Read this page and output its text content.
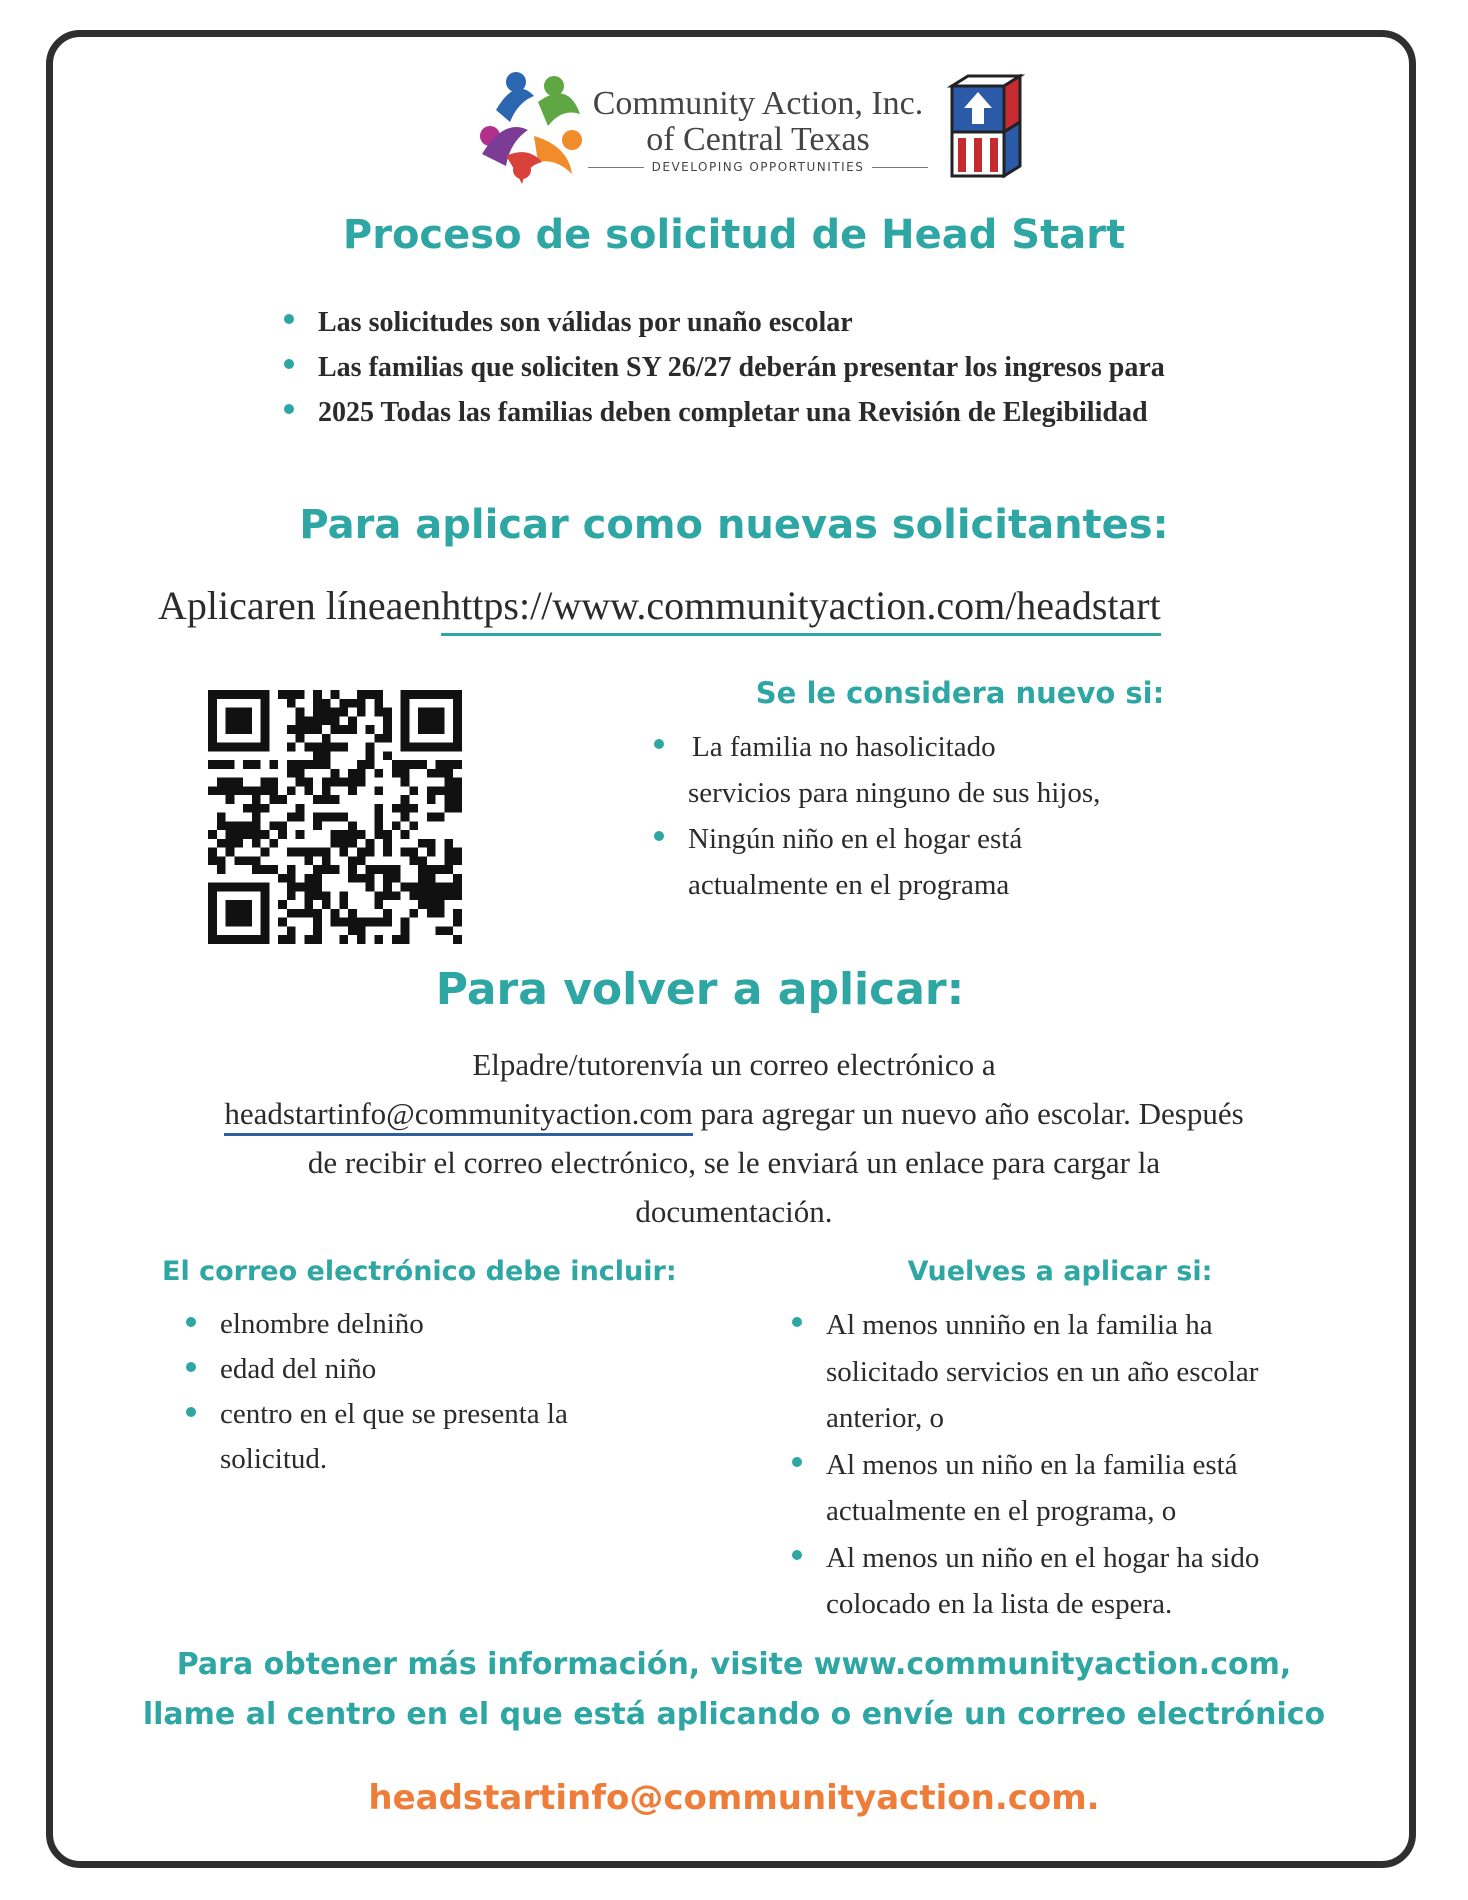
Community Action, Inc.
of Central Texas
DEVELOPING OPPORTUNITIES
Proceso de solicitud de Head Start
Las solicitudes son válidas por unaño escolar
Las familias que soliciten SY 26/27 deberán presentar los ingresos para
2025 Todas las familias deben completar una Revisión de Elegibilidad
Para aplicar como nuevas solicitantes:
Aplicaren líneaenhttps://www.communityaction.com/headstart
Se le considera nuevo si:
La familia no hasolicitado
servicios para ninguno de sus hijos,
Ningún niño en el hogar está
actualmente en el programa
Para volver a aplicar:
Elpadre/tutorenvía un correo electrónico a
headstartinfo@communityaction.com para agregar un nuevo año escolar. Después
de recibir el correo electrónico, se le enviará un enlace para cargar la
documentación.
El correo electrónico debe incluir:
elnombre delniño
edad del niño
centro en el que se presenta la
solicitud.
Vuelves a aplicar si:
Al menos unniño en la familia ha
solicitado servicios en un año escolar
anterior, o
Al menos un niño en la familia está
actualmente en el programa, o
Al menos un niño en el hogar ha sido
colocado en la lista de espera.
Para obtener más información, visite www.communityaction.com,
llame al centro en el que está aplicando o envíe un correo electrónico
headstartinfo@communityaction.com.
